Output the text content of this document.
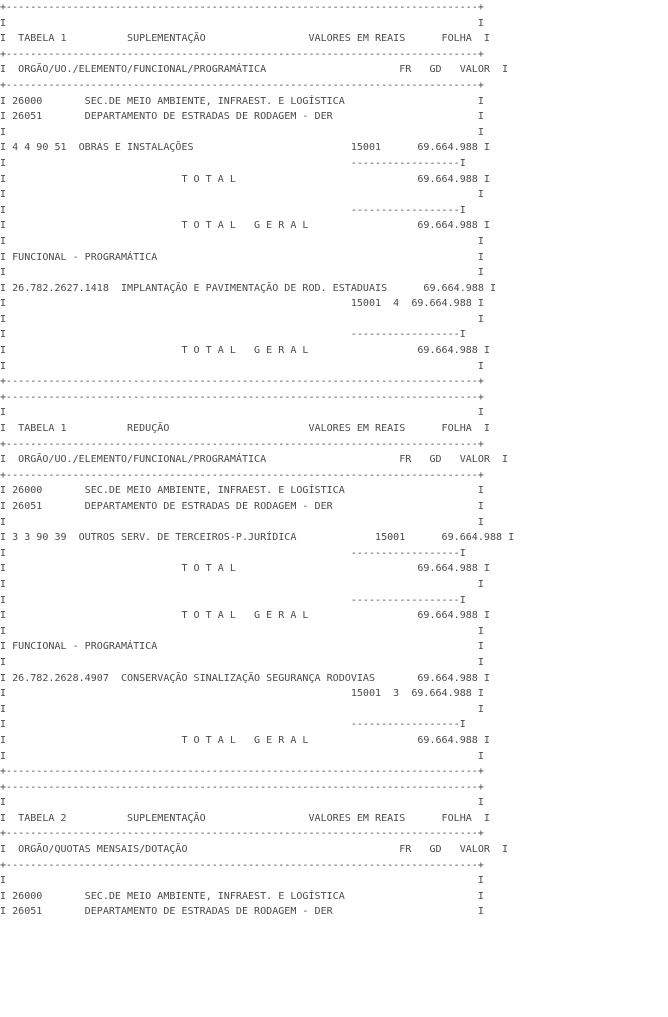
+------------------------------------------------------------------------------+
I                                                                              I
I  TABELA 1          SUPLEMENTAÇÃO                 VALORES EM REAIS      FOLHA  I
+------------------------------------------------------------------------------+
I  ORGÃO/UO./ELEMENTO/FUNCIONAL/PROGRAMÁTICA                      FR   GD   VALOR  I
+------------------------------------------------------------------------------+
I 26000       SEC.DE MEIO AMBIENTE, INFRAEST. E LOGÍSTICA                      I
I 26051       DEPARTAMENTO DE ESTRADAS DE RODAGEM - DER                        I
I                                                                              I
I 4 4 90 51  OBRAS E INSTALAÇÕES                          15001      69.664.988 I
I                                                         ------------------I
I                             T O T A L                              69.664.988 I
I                                                                              I
I                                                         ------------------I
I                             T O T A L   G E R A L                  69.664.988 I
I                                                                              I
I FUNCIONAL - PROGRAMÁTICA                                                     I
I                                                                              I
I 26.782.2627.1418  IMPLANTAÇÃO E PAVIMENTAÇÃO DE ROD. ESTADUAIS      69.664.988 I
I                                                         15001  4  69.664.988 I
I                                                                              I
I                                                         ------------------I
I                             T O T A L   G E R A L                  69.664.988 I
I                                                                              I
+------------------------------------------------------------------------------+
+------------------------------------------------------------------------------+
I                                                                              I
I  TABELA 1          REDUÇÃO                       VALORES EM REAIS      FOLHA  I
+------------------------------------------------------------------------------+
I  ORGÃO/UO./ELEMENTO/FUNCIONAL/PROGRAMÁTICA                      FR   GD   VALOR  I
+------------------------------------------------------------------------------+
I 26000       SEC.DE MEIO AMBIENTE, INFRAEST. E LOGÍSTICA                      I
I 26051       DEPARTAMENTO DE ESTRADAS DE RODAGEM - DER                        I
I                                                                              I
I 3 3 90 39  OUTROS SERV. DE TERCEIROS-P.JURÍDICA             15001      69.664.988 I
I                                                         ------------------I
I                             T O T A L                              69.664.988 I
I                                                                              I
I                                                         ------------------I
I                             T O T A L   G E R A L                  69.664.988 I
I                                                                              I
I FUNCIONAL - PROGRAMÁTICA                                                     I
I                                                                              I
I 26.782.2628.4907  CONSERVAÇÃO SINALIZAÇÃO SEGURANÇA RODOVIAS       69.664.988 I
I                                                         15001  3  69.664.988 I
I                                                                              I
I                                                         ------------------I
I                             T O T A L   G E R A L                  69.664.988 I
I                                                                              I
+------------------------------------------------------------------------------+
+------------------------------------------------------------------------------+
I                                                                              I
I  TABELA 2          SUPLEMENTAÇÃO                 VALORES EM REAIS      FOLHA  I
+------------------------------------------------------------------------------+
I  ORGÃO/QUOTAS MENSAIS/DOTAÇÃO                                   FR   GD   VALOR  I
+------------------------------------------------------------------------------+
I                                                                              I
I 26000       SEC.DE MEIO AMBIENTE, INFRAEST. E LOGÍSTICA                      I
I 26051       DEPARTAMENTO DE ESTRADAS DE RODAGEM - DER                        I
